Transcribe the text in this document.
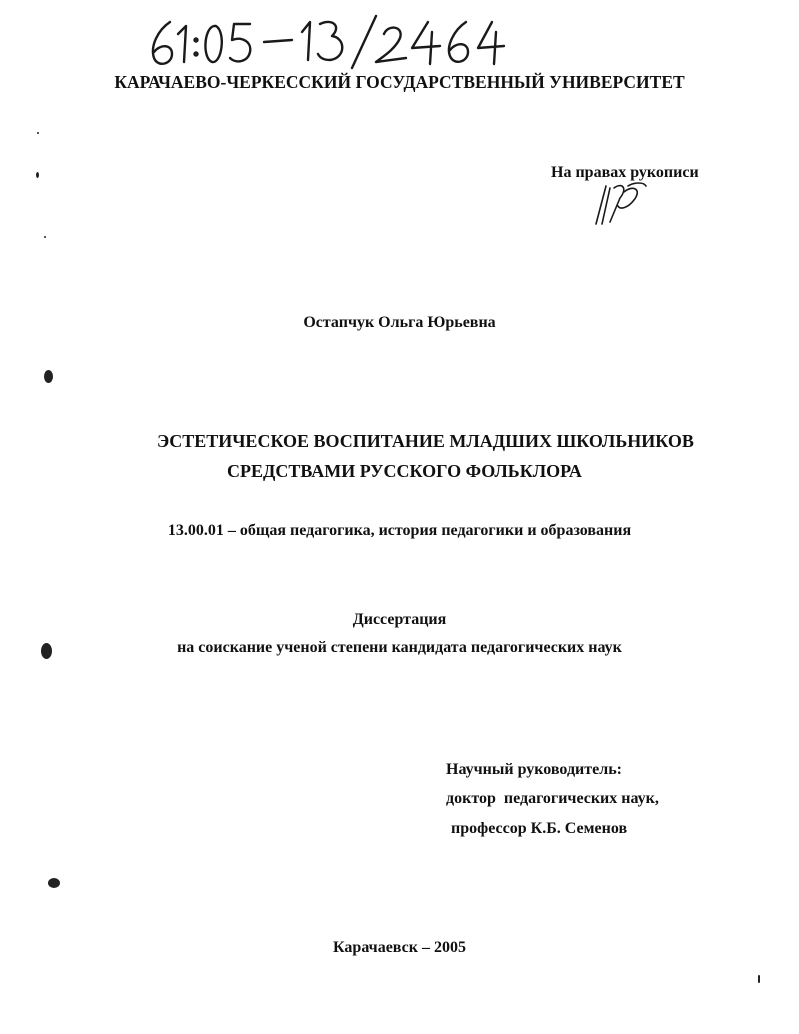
КАРАЧАЕВО-ЧЕРКЕССКИЙ ГОСУДАРСТВЕННЫЙ УНИВЕРСИТЕТ
На правах рукописи
Остапчук Ольга Юрьевна
ЭСТЕТИЧЕСКОЕ ВОСПИТАНИЕ МЛАДШИХ ШКОЛЬНИКОВ
СРЕДСТВАМИ РУССКОГО ФОЛЬКЛОРА
13.00.01 – общая педагогика, история педагогики и образования
Диссертация
на соискание ученой степени кандидата педагогических наук
Научный руководитель:
доктор  педагогических наук,
профессор К.Б. Семенов
Карачаевск – 2005
